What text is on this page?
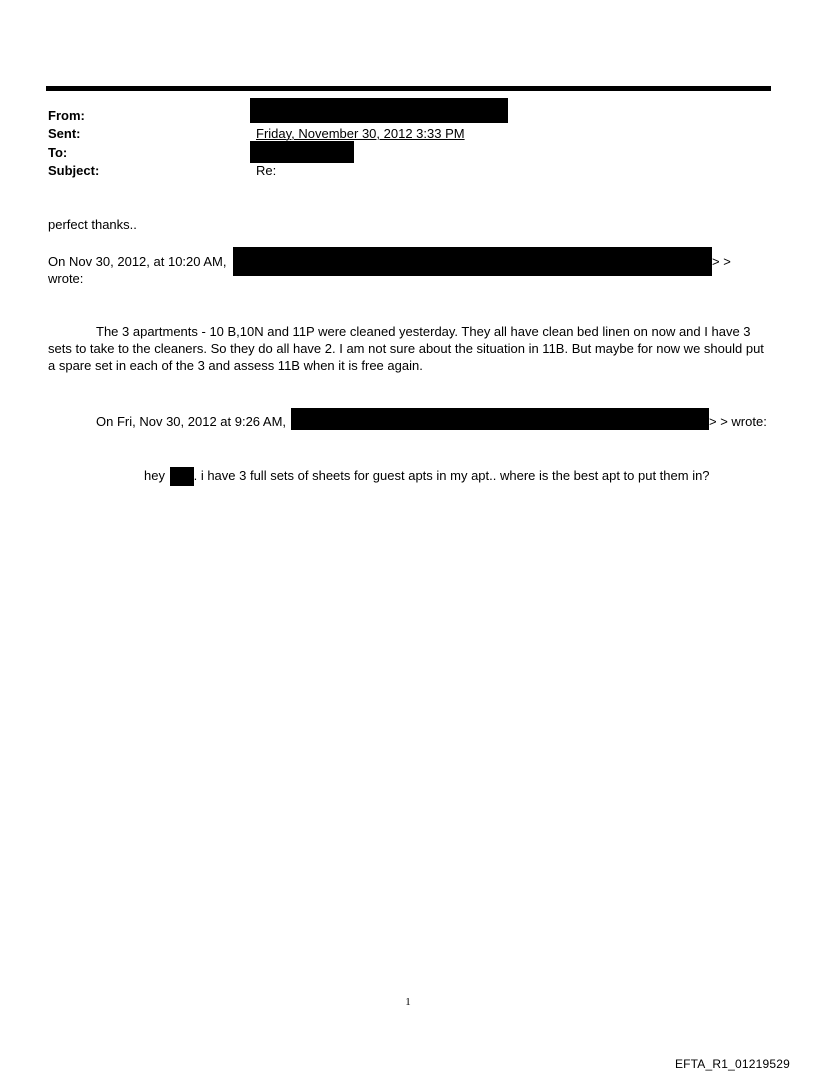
From:
Sent:
To:
Subject:
Friday, November 30, 2012 3:33 PM
Re:
perfect thanks..
On Nov 30, 2012, at 10:20 AM,	> >
wrote:

The 3 apartments - 10 B,10N and 11P were cleaned yesterday. They all have clean bed linen on now and I have 3 sets to take to the cleaners. So they do all have 2. I am not sure about the situation in 11B. But maybe for now we should put a spare set in each of the 3 and assess 11B when it is free again.

On Fri, Nov 30, 2012 at 9:26 AM,	> > wrote:
hey . i have 3 full sets of sheets for guest apts in my apt.. where is the best apt to put them in?
1
EFTA_R1_01219529
